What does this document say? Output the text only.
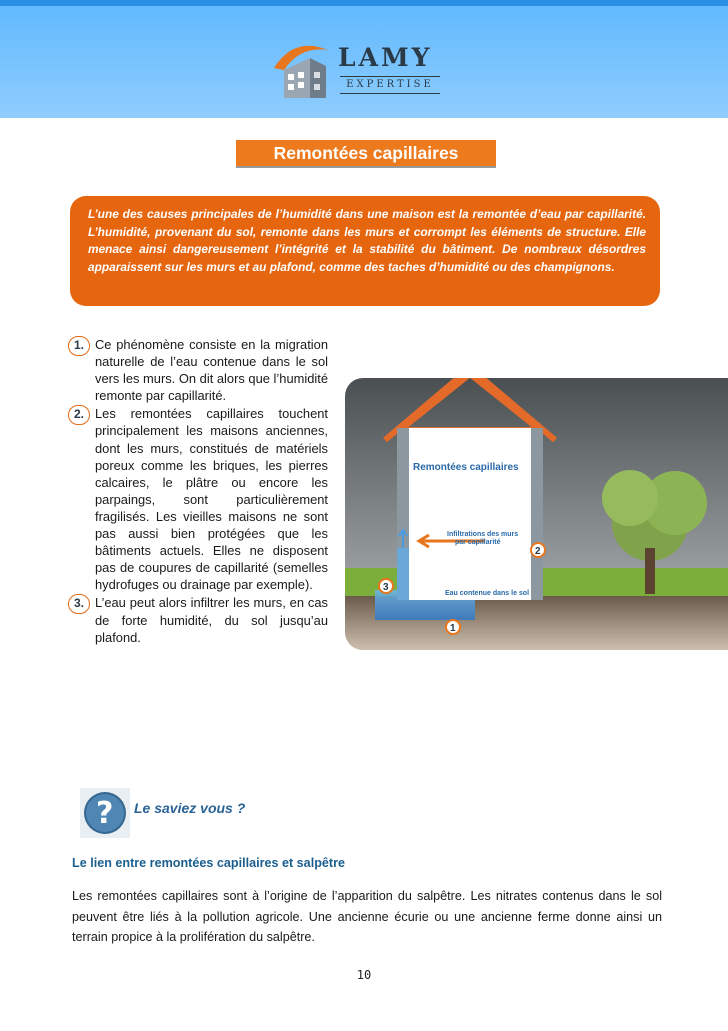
LAMY
EXPERTISE
Remontées capillaires

L’une des causes principales de l’humidité dans une maison est la remontée d’eau par capillarité. L’humidité, provenant du sol, remonte dans les murs et corrompt les éléments de structure. Elle menace ainsi dangereusement l’intégrité et la stabilité du bâtiment. De nombreux désordres apparaissent sur les murs et au plafond, comme des taches d’humidité ou des champignons.

1. Ce phénomène consiste en la migration naturelle de l’eau contenue dans le sol vers les murs. On dit alors que l’humidité remonte par capillarité.

2. Les remontées capillaires touchent principalement les maisons anciennes, dont les murs, constitués de matériels poreux comme les briques, les pierres calcaires, le plâtre ou encore les parpaings, sont particulièrement fragilisés. Les vieilles maisons ne sont pas aussi bien protégées que les bâtiments actuels. Elles ne disposent pas de coupures de capillarité (semelles hydrofuges ou drainage par exemple).

3. L’eau peut alors infiltrer les murs, en cas de forte humidité, du sol jusqu’au plafond.

Remontées capillaires
Infiltrations des murs
par capillarité
Eau contenue dans le sol
2
3
1
? Le saviez vous ?
Le lien entre remontées capillaires et salpêtre

Les remontées capillaires sont à l’origine de l’apparition du salpêtre. Les nitrates contenus dans le sol peuvent être liés à la pollution agricole. Une ancienne écurie ou une ancienne ferme donne ainsi un terrain propice à la prolifération du salpêtre.

10
